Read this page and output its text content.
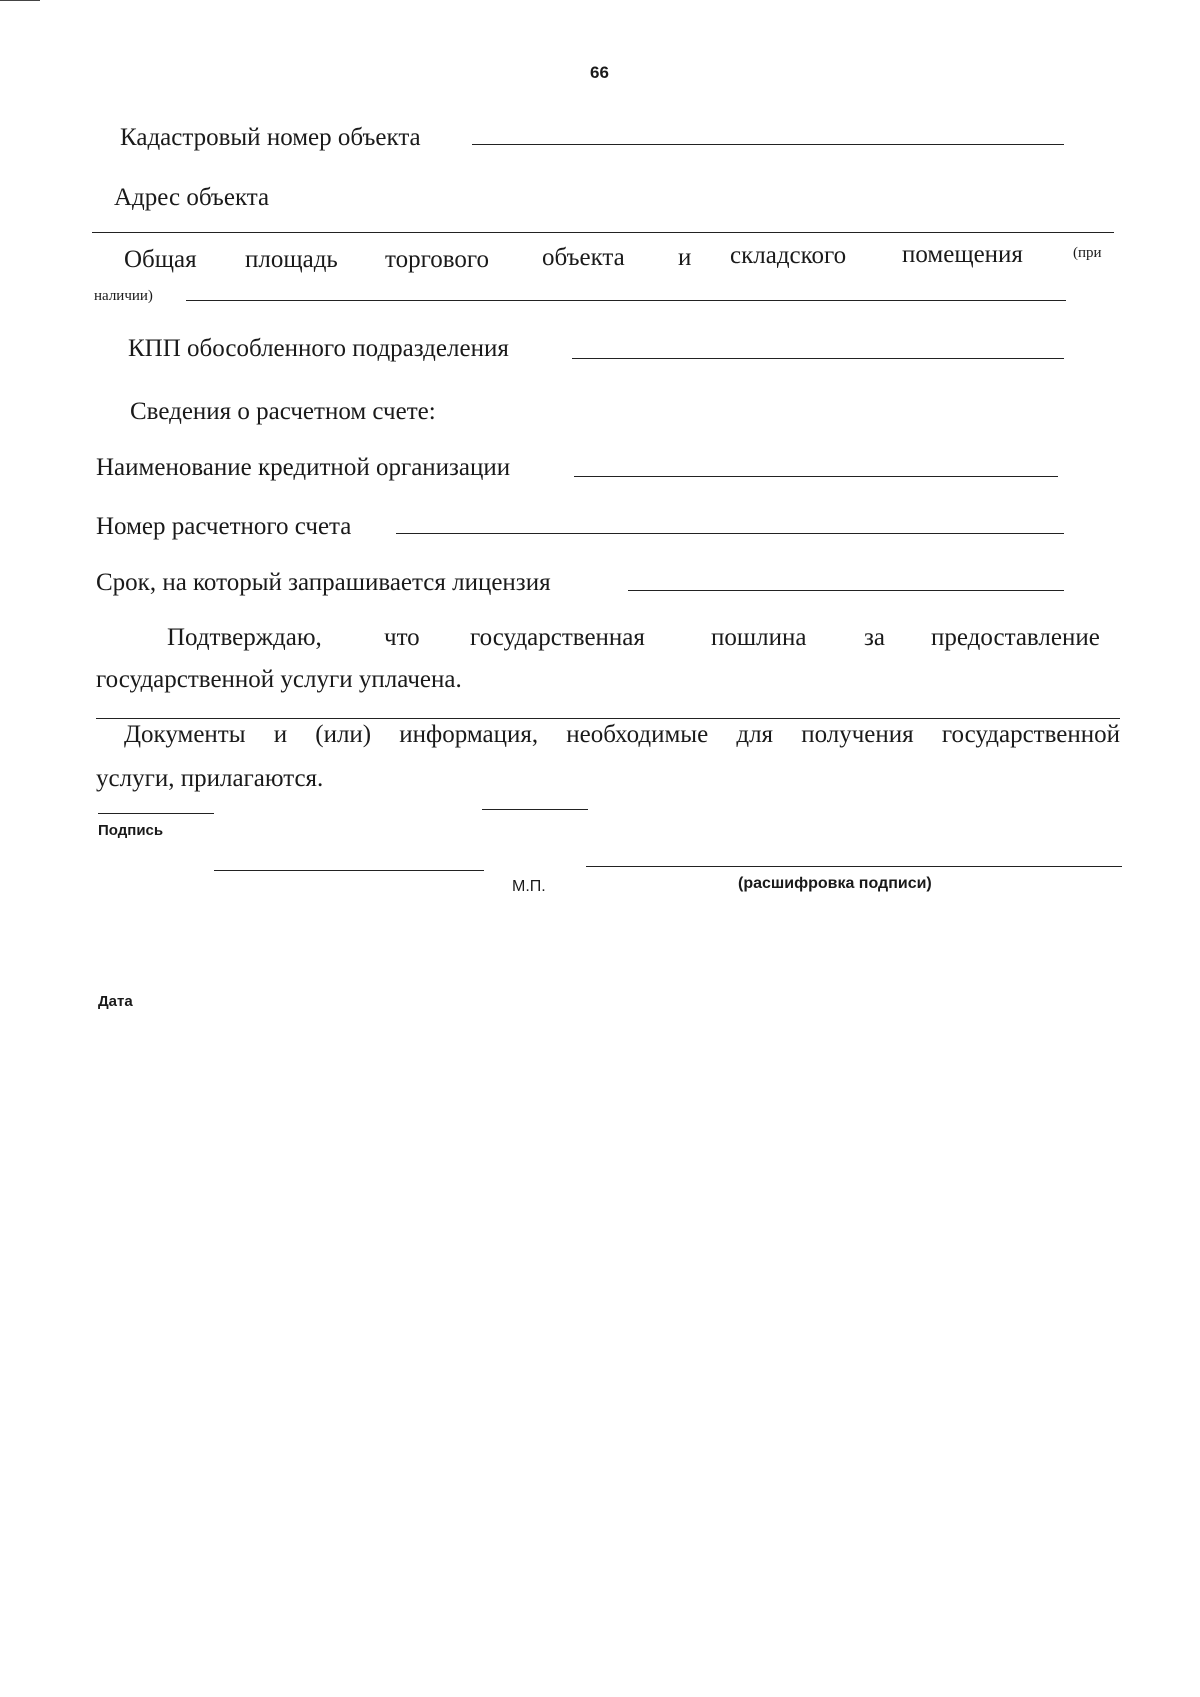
66
Кадастровый номер объекта
Адрес объекта
Общая площадь торгового объекта и складского помещения	(при
наличии)
КПП обособленного подразделения
Сведения о расчетном счете:
Наименование кредитной организации
Номер расчетного счета
Срок, на который запрашивается лицензия
Подтверждаю, что государственная	пошлина за предоставление
государственной услуги уплачена.
Документы и (или) информация, необходимые для получения государственной
услуги, прилагаются.
Подпись
М.П.	(расшифровка подписи)
Дата
